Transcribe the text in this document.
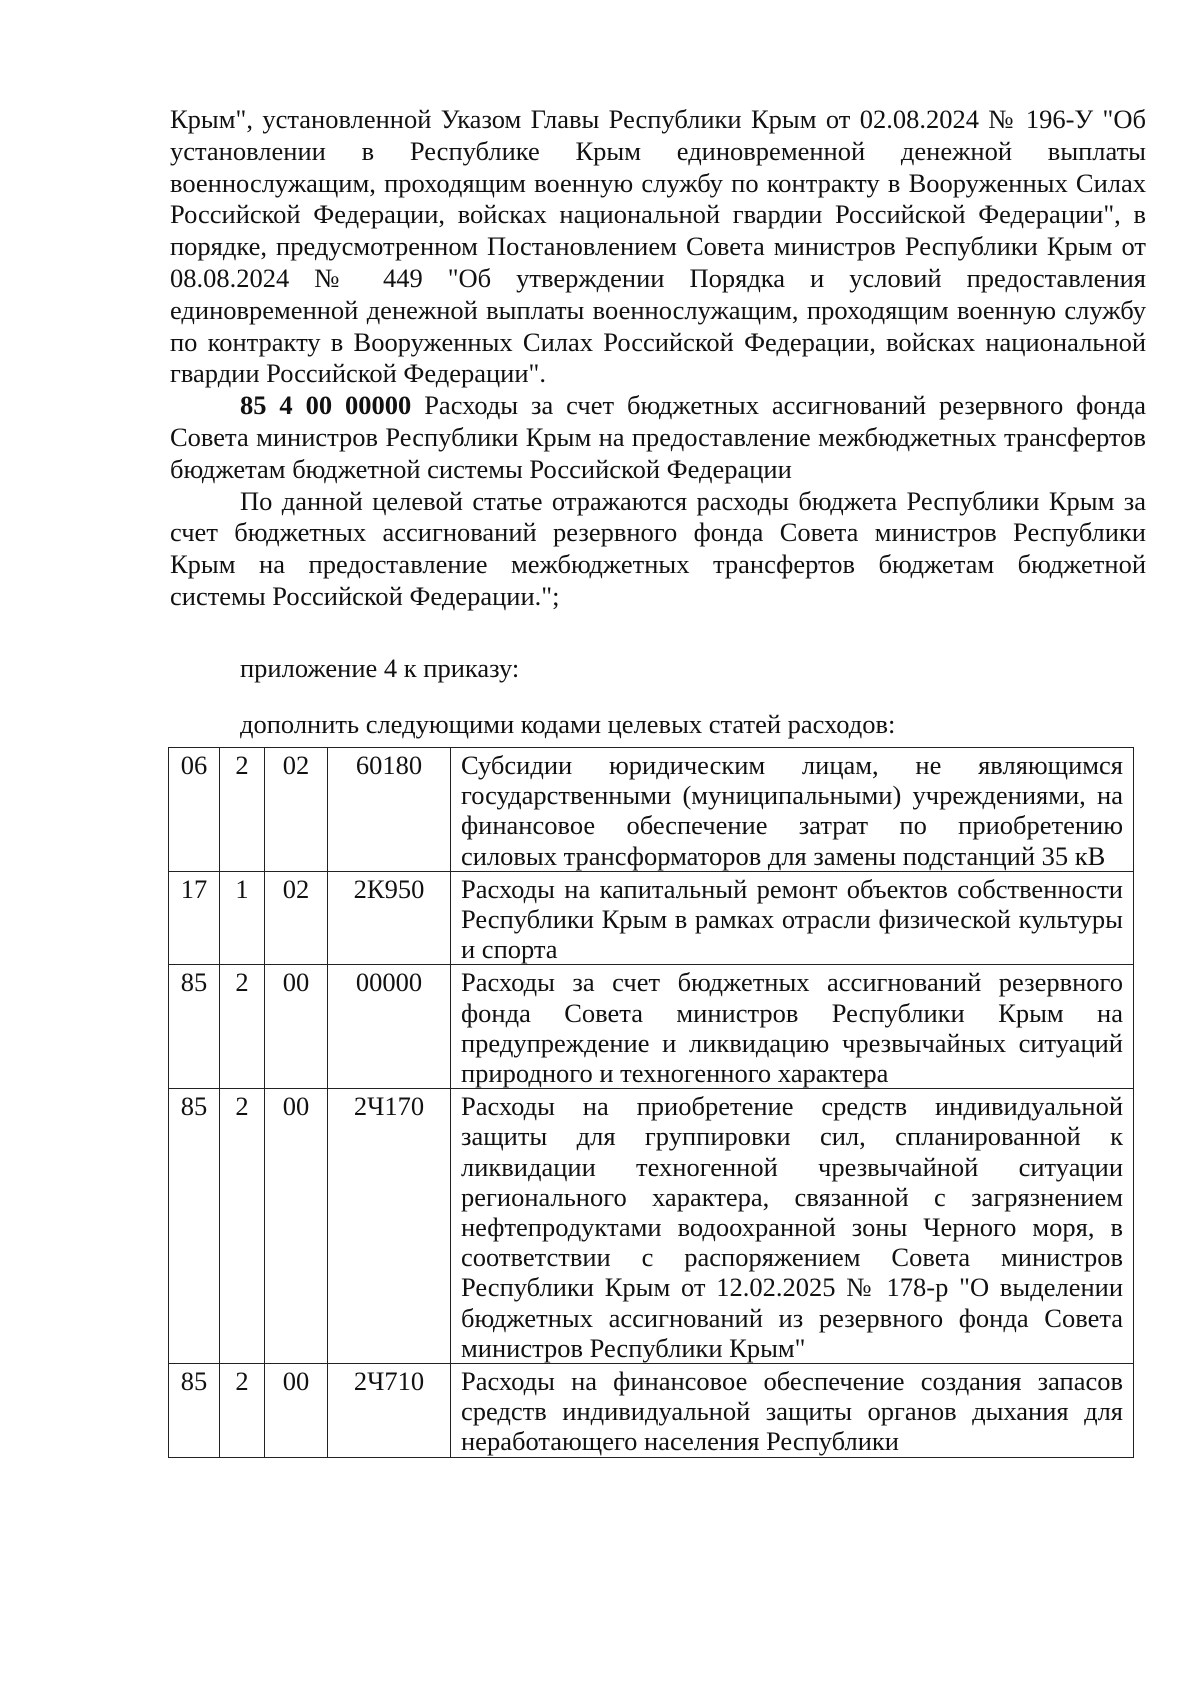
Крым", установленной Указом Главы Республики Крым от 02.08.2024 № 196-У "Об установлении в Республике Крым единовременной денежной выплаты военнослужащим, проходящим военную службу по контракту в Вооруженных Силах Российской Федерации, войсках национальной гвардии Российской Федерации", в порядке, предусмотренном Постановлением Совета министров Республики Крым от 08.08.2024 № 449 "Об утверждении Порядка и условий предоставления единовременной денежной выплаты военнослужащим, проходящим военную службу по контракту в Вооруженных Силах Российской Федерации, войсках национальной гвардии Российской Федерации".

85 4 00 00000 Расходы за счет бюджетных ассигнований резервного фонда Совета министров Республики Крым на предоставление межбюджетных трансфертов бюджетам бюджетной системы Российской Федерации

По данной целевой статье отражаются расходы бюджета Республики Крым за счет бюджетных ассигнований резервного фонда Совета министров Республики Крым на предоставление межбюджетных трансфертов бюджетам бюджетной системы Российской Федерации.";

приложение 4 к приказу:
дополнить следующими кодами целевых статей расходов:
06	2	02	60180	Субсидии юридическим лицам, не являющимся государственными (муниципальными) учреждениями, на финансовое обеспечение затрат по приобретению силовых трансформаторов для замены подстанций 35 кВ
17	1	02	2К950	Расходы на капитальный ремонт объектов собственности Республики Крым в рамках отрасли физической культуры и спорта
85	2	00	00000	Расходы за счет бюджетных ассигнований резервного фонда Совета министров Республики Крым на предупреждение и ликвидацию чрезвычайных ситуаций природного и техногенного характера
85	2	00	2Ч170	Расходы на приобретение средств индивидуальной защиты для группировки сил, спланированной к ликвидации техногенной чрезвычайной ситуации регионального характера, связанной с загрязнением нефтепродуктами водоохранной зоны Черного моря, в соответствии с распоряжением Совета министров Республики Крым от 12.02.2025 № 178-р "О выделении бюджетных ассигнований из резервного фонда Совета министров Республики Крым"
85	2	00	2Ч710	Расходы на финансовое обеспечение создания запасов средств индивидуальной защиты органов дыхания для неработающего населения Республики
